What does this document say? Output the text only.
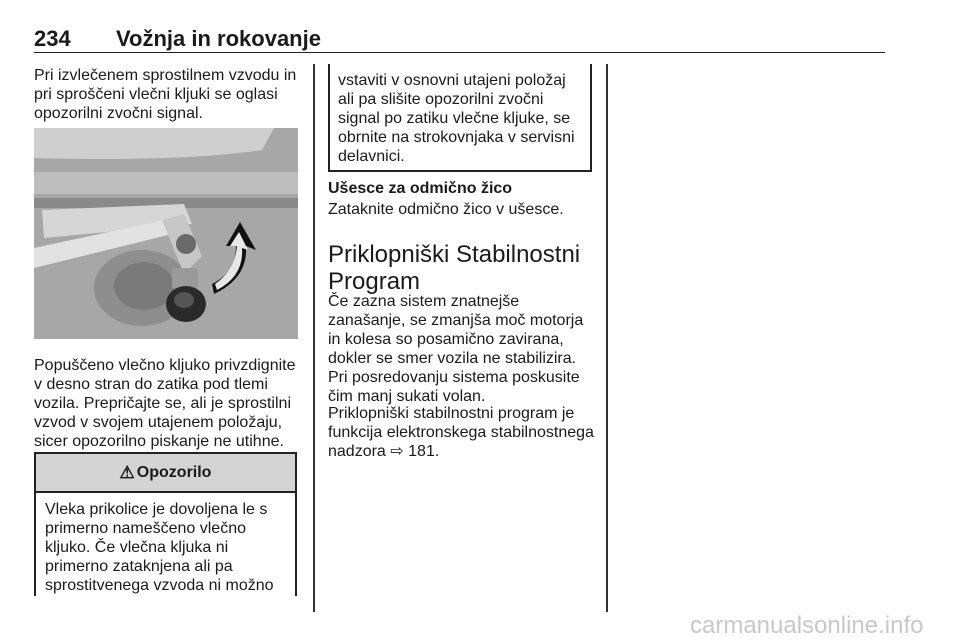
234 Vožnja in rokovanje

Pri izvlečenem sprostilnem vzvodu in pri sproščeni vlečni kljuki se oglasi opozorilni zvočni signal.

Popuščeno vlečno kljuko privzdignite v desno stran do zatika pod tlemi vozila. Prepričajte se, ali je sprostilni vzvod v svojem utajenem položaju, sicer opozorilno piskanje ne utihne.

⚠ Opozorilo
Vleka prikolice je dovoljena le s primerno nameščeno vlečno kljuko. Če vlečna kljuka ni primerno zataknjena ali pa sprostitvenega vzvoda ni možno
vstaviti v osnovni utajeni položaj ali pa slišite opozorilni zvočni signal po zatiku vlečne kljuke, se obrnite na strokovnjaka v servisni delavnici.
Ušesce za odmično žico

Zataknite odmično žico v ušesce.

Priklopniški Stabilnostni Program

Če zazna sistem znatnejše zanašanje, se zmanjša moč motorja in kolesa so posamično zavirana, dokler se smer vozila ne stabilizira. Pri posredovanju sistema poskusite čim manj sukati volan.

Priklopniški stabilnostni program je funkcija elektronskega stabilnostnega nadzora ⇨ 181.

carmanualsonline.info
